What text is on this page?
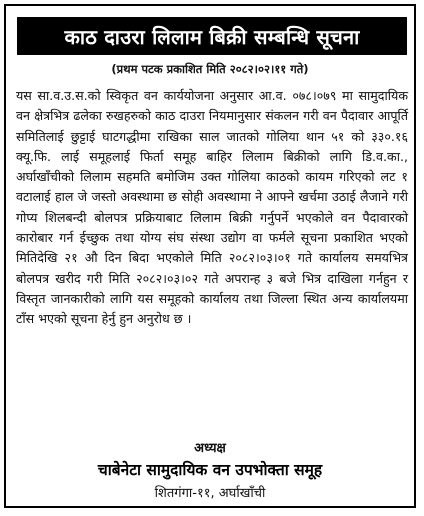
काठ दाउरा लिलाम बिक्री सम्बन्धि सूचना
(प्रथम पटक प्रकाशित मिति २०८२।०२।११ गते)
यस सा.व.उ.स.को स्विकृत वन कार्ययोजना अनुसार आ.व. ०७८।०७९ मा सामुदायिक वन क्षेत्रभित्र ढलेका रुखहरुको काठ दाउरा नियमानुसार संकलन गरी वन पैदावार आपूर्ति समितिलाई छुट्टाई घाटगद्धीमा राखिका साल जातको गोलिया थान ५१ को ३३०.१६ क्यू.फि. लाई समूहलाई फिर्ता समूह बाहिर लिलाम बिक्रीको लागि डि.व.का., अर्घाखाँचीको लिलाम सहमति बमोजिम उक्त गोलिया काठको कायम गरिएको लट १ वटालाई हाल जे जस्तो अवस्थामा छ सोही अवस्थामा ने आफ्ने खर्चमा उठाई लैजाने गरी गोप्य शिलबन्दी बोलपत्र प्रक्रियाबाट लिलाम बिक्री गर्नुपर्ने भएकोले वन पैदावारको कारोबार गर्न ईच्छुक तथा योग्य संघ संस्था उद्योग वा फर्मले सूचना प्रकाशित भएको मितिदेखि २१ औ दिन बिदा भएकोले मिति २०८२।०३।०१ गते कार्यालय समयभित्र बोलपत्र खरीद गरी मिति २०८२।०३।०२ गते अपरान्ह ३ बजे भित्र दाखिला गर्नहुन र विस्तृत जानकारीको लागि यस समूहको कार्यालय तथा जिल्ला स्थित अन्य कार्यालयमा टाँस भएको सूचना हेर्नु हुन अनुरोध छ ।
अध्यक्ष
चाबेनेटा सामुदायिक वन उपभोक्ता समूह
शितगंगा-११, अर्घाखाँची
